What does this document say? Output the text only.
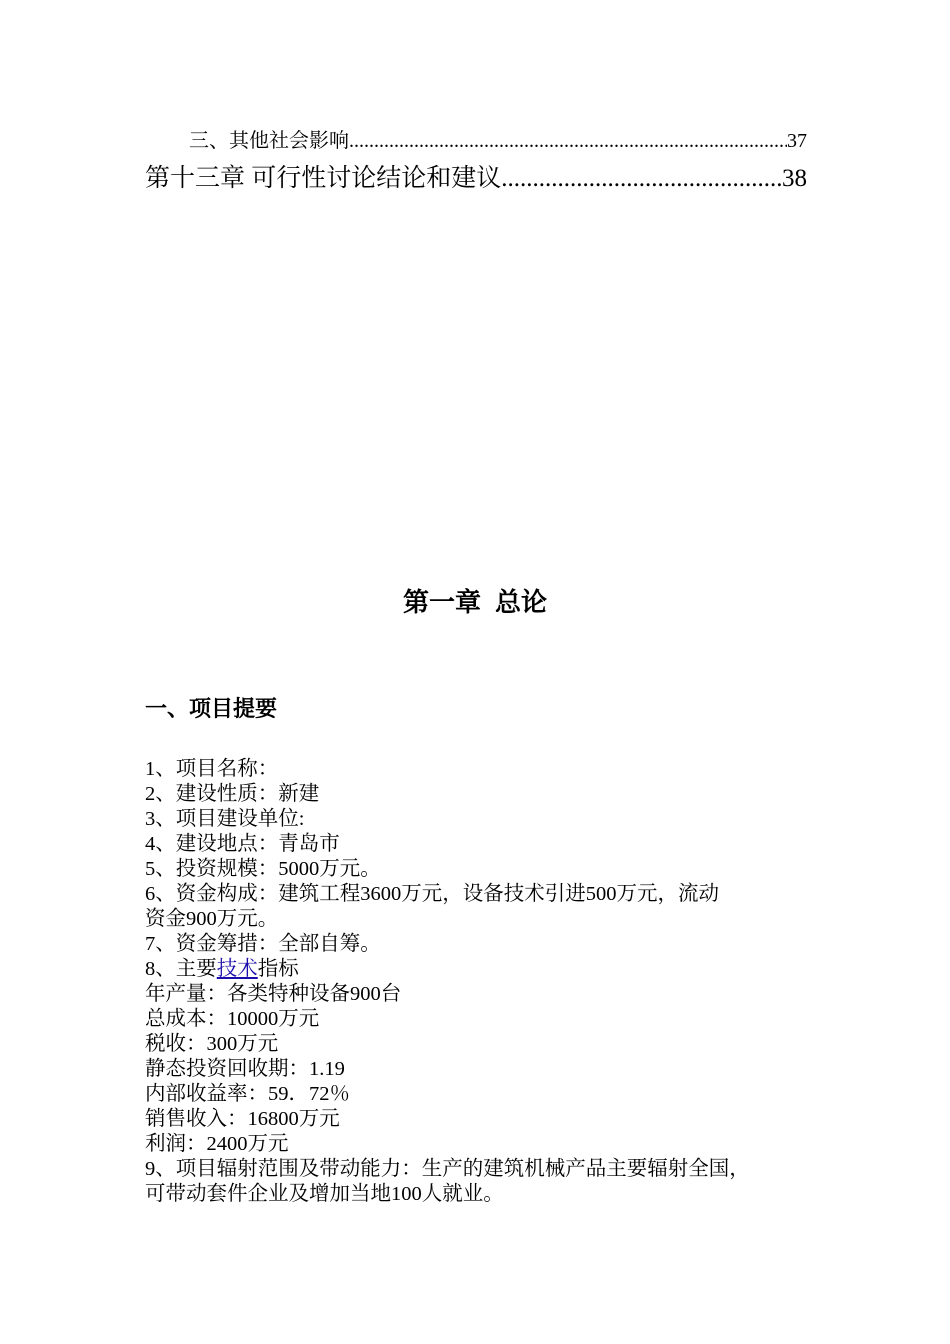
三、其他社会影响 .....	37
第十三章 可行性讨论结论和建议 .....	38
第一章 总论
一、项目提要
1、项目名称：
2、建设性质：新建
3、项目建设单位:
4、建设地点：青岛市
5、投资规模：5000万元。
6、资金构成：建筑工程3600万元，设备技术引进500万元，流动
资金900万元。
7、资金筹措：全部自筹。
8、主要技术指标
年产量：各类特种设备900台
总成本：10000万元
税收：300万元
静态投资回收期：1.19
内部收益率：59．72％
销售收入：16800万元
利润：2400万元
9、项目辐射范围及带动能力：生产的建筑机械产品主要辐射全国，
可带动套件企业及增加当地100人就业。
